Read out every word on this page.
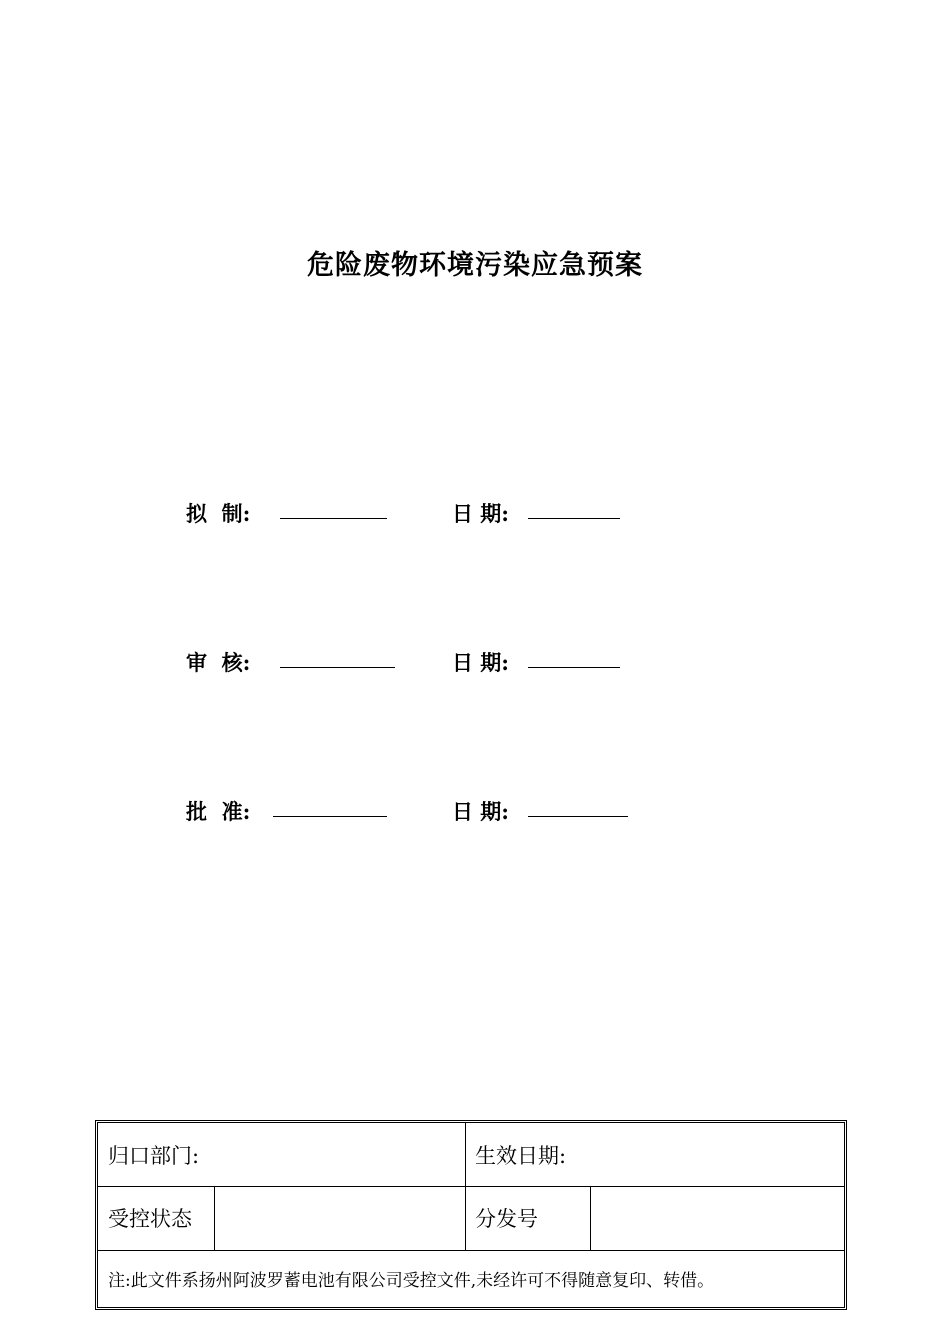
危险废物环境污染应急预案
拟  制:	日 期:
审  核:	日 期:
批  准:	日 期:
归口部门:	生效日期:
受控状态	分发号
注:此文件系扬州阿波罗蓄电池有限公司受控文件,未经许可不得随意复印、转借。
